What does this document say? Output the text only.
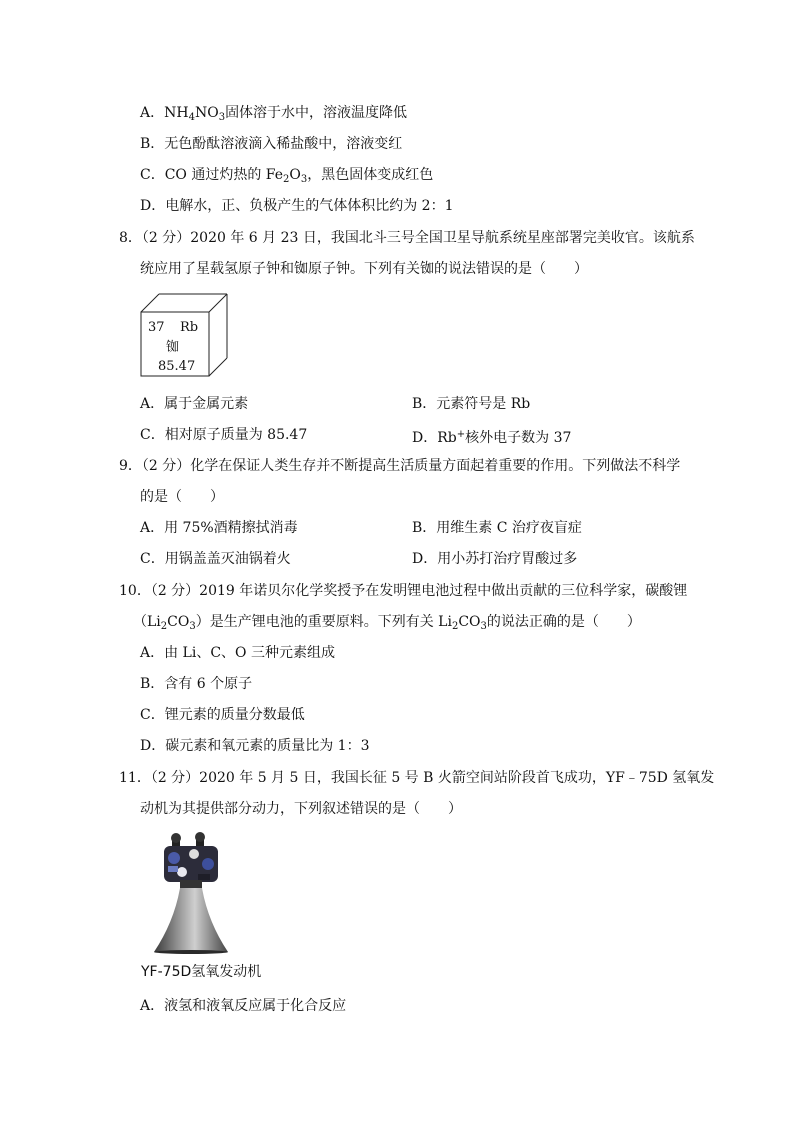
A．$NH_4NO_3$固体溶于水中，溶液温度降低
B．无色酚酞溶液滴入稀盐酸中，溶液变红
C．CO 通过灼热的 $Fe_2O_3$，黑色固体变成红色
D．电解水，正、负极产生的气体体积比约为 2：1
8．（2 分）2020 年 6 月 23 日，我国北斗三号全国卫星导航系统星座部署完美收官。该航系
统应用了星载氢原子钟和铷原子钟。下列有关铷的说法错误的是（　　）
37 Rb
铷
85.47
A．属于金属元素	B．元素符号是 Rb
C．相对原子质量为 85.47	D．Rb+核外电子数为 37
9．（2 分）化学在保证人类生存并不断提高生活质量方面起着重要的作用。下列做法不科学
的是（　　）
A．用 75%酒精擦拭消毒	B．用维生素 C 治疗夜盲症
C．用锅盖盖灭油锅着火	D．用小苏打治疗胃酸过多
10．（2 分）2019 年诺贝尔化学奖授予在发明锂电池过程中做出贡献的三位科学家，碳酸锂
$(Li_2CO_3)$是生产锂电池的重要原料。下列有关 $Li_2CO_3$的说法正确的是（　　）
A．由 Li、C、O 三种元素组成
B．含有 6 个原子
C．锂元素的质量分数最低
D．碳元素和氧元素的质量比为 1：3
11．（2 分）2020 年 5 月 5 日，我国长征 5 号 B 火箭空间站阶段首飞成功，YF﹣75D 氢氧发
动机为其提供部分动力，下列叙述错误的是（　　）
YF-75D氢氧发动机
A．液氢和液氧反应属于化合反应
